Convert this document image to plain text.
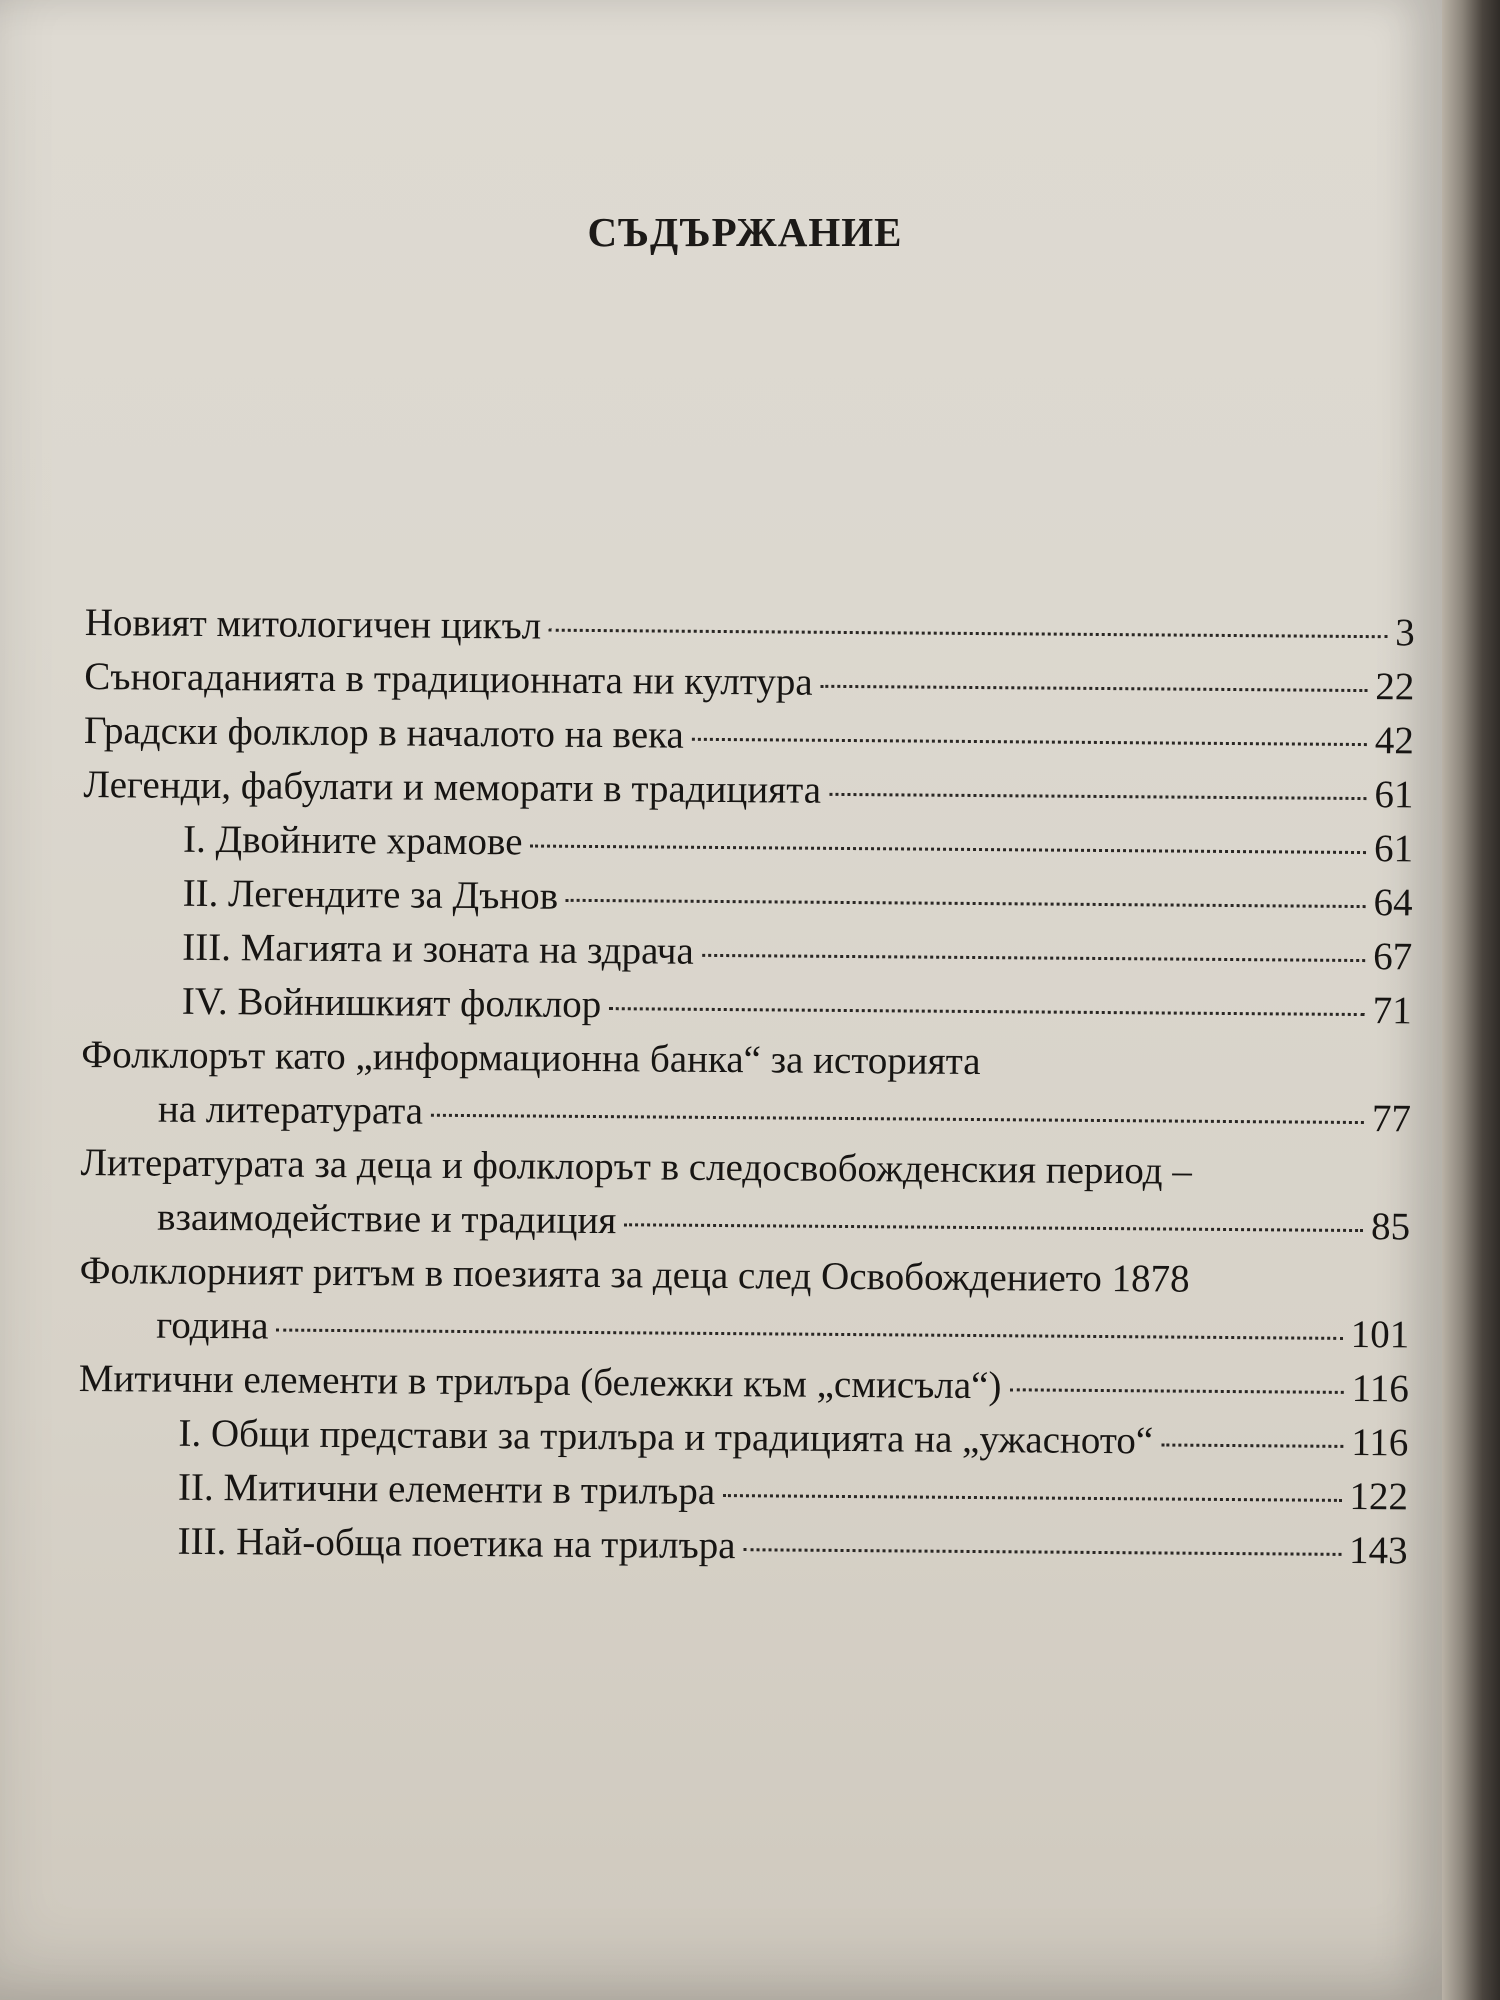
СЪДЪРЖАНИЕ
Новият митологичен цикъл	3
Съногаданията в традиционната ни култура	22
Градски фолклор в началото на века	42
Легенди, фабулати и меморати в традицията	61
I. Двойните храмове	61
II. Легендите за Дънов	64
III. Магията и зоната на здрача	67
IV. Войнишкият фолклор	71
Фолклорът като „информационна банка“ за историята
на литературата	77
Литературата за деца и фолклорът в следосвобожденския период –
взаимодействие и традиция	85
Фолклорният ритъм в поезията за деца след Освобождението 1878
година	101
Митични елементи в трилъра (бележки към „смисъла“)	116
I. Общи представи за трилъра и традицията на „ужасното“	116
II. Митични елементи в трилъра	122
III. Най-обща поетика на трилъра	143
